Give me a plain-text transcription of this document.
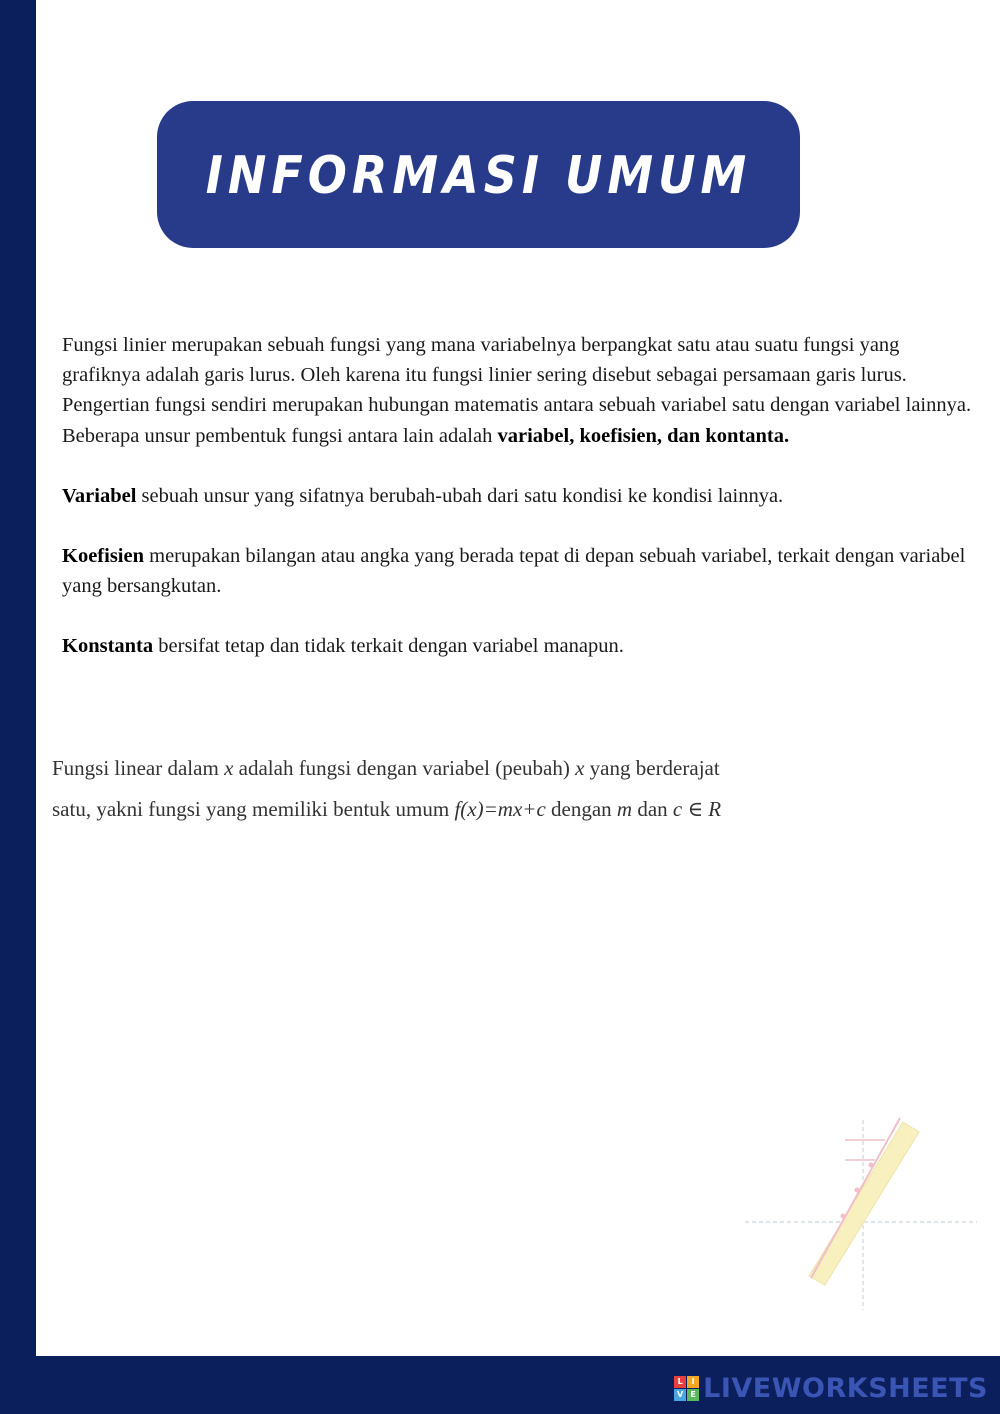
INFORMASI UMUM

Fungsi linier merupakan sebuah fungsi yang mana variabelnya berpangkat satu atau suatu fungsi yang grafiknya adalah garis lurus. Oleh karena itu fungsi linier sering disebut sebagai persamaan garis lurus. Pengertian fungsi sendiri merupakan hubungan matematis antara sebuah variabel satu dengan variabel lainnya. Beberapa unsur pembentuk fungsi antara lain adalah variabel, koefisien, dan kontanta.

Variabel sebuah unsur yang sifatnya berubah-ubah dari satu kondisi ke kondisi lainnya.

Koefisien merupakan bilangan atau angka yang berada tepat di depan sebuah variabel, terkait dengan variabel yang bersangkutan.

Konstanta bersifat tetap dan tidak terkait dengan variabel manapun.

Fungsi linear dalam x adalah fungsi dengan variabel (peubah) x yang berderajat
satu, yakni fungsi yang memiliki bentuk umum f(x)=mx+c dengan m dan c ∈ R
L	I
V E LIVEWORKSHEETS
